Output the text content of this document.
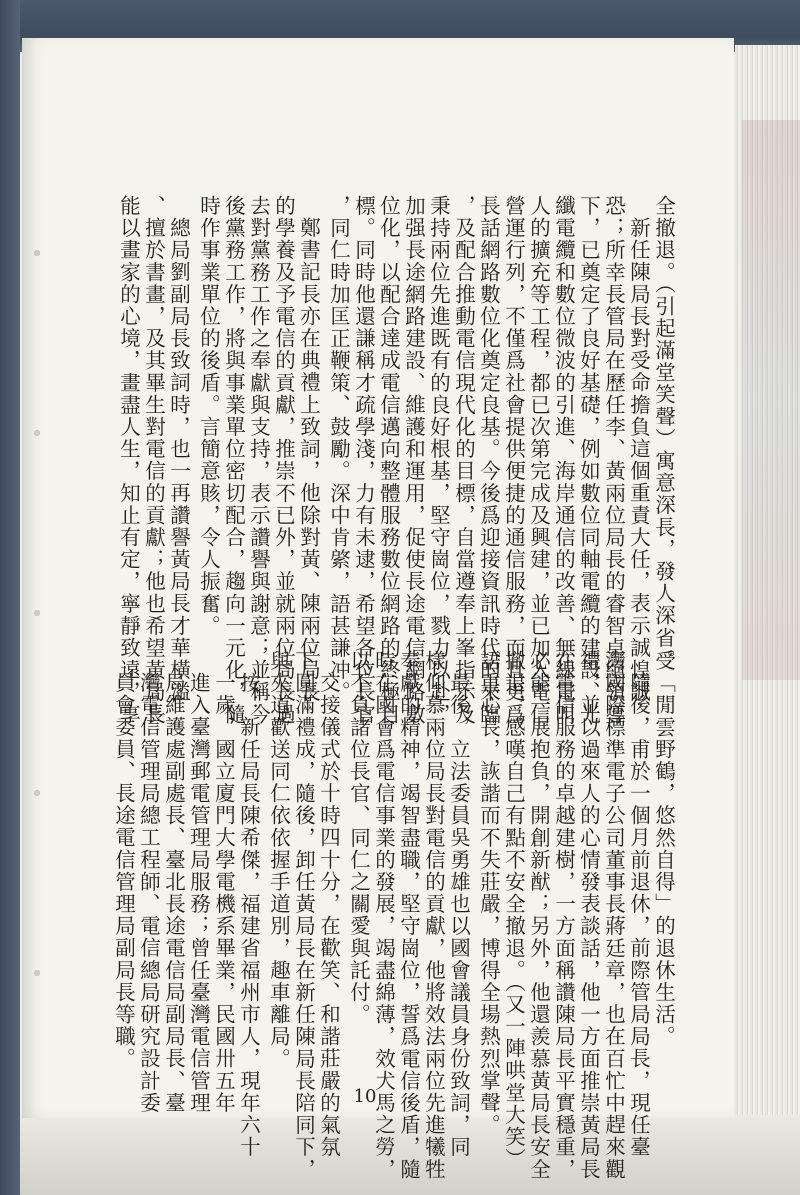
全撤退。（引起滿堂笑聲）寓意深長，發人深省。
新任陳局長對受命擔負這個重責大任，表示誠惶誠
恐；所幸長管局在歷任李、黃兩位局長的睿智卓絕領導
下，已奠定了良好基礎，例如數位同軸電纜的建設、光
纖電纜和數位微波的引進、海岸通信的改善、無線電叫
人的擴充等工程，都已次第完成及興建，並已加入電信
營運行列，不僅爲社會提供便捷的通信服務，而且更爲
長話網路數位化奠定良基。今後爲迎接資訊時代的來臨
，及配合推動電信現代化的目標，自當遵奉上峯指示及
秉持兩位先進既有的良好根基，堅守崗位，戮力以赴，
加强長途網路建設、維護和運用，促使長途電信網路數
位化，以配合達成電信邁向整體服務數位網路的終極目
標。同時他還謙稱才疏學淺，力有未逮，希望各位長官
，同仁時加匡正鞭策、鼓勵。深中肯綮，語甚謙冲。
鄭書記長亦在典禮上致詞，他除對黃、陳兩位局長
的學養及予電信的貢獻，推崇不已外，並就兩位局長過
去對黨務工作之奉獻與支持，表示讚譽與謝意；並稱今
後黨務工作，將與事業單位密切配合，趨向一元化，隨
時作事業單位的後盾。言簡意賅，令人振奮。
總局劉副局長致詞時，也一再讚譽黃局長才華橫溢
、擅於書畫，及其畢生對電信的貢獻；他也希望黃局長
能以畫家的心境，畫盡人生，知止有定，寧靜致遠，享
受「閒雲野鶴，悠然自得」的退休生活。
隨後，甫於一個月前退休，前際管局局長，現任臺
灣國際標準電子公司董事長蔣廷章，也在百忙中趕來觀
禮，並以過來人的心情發表談話，他一方面推崇黃局長
在電信服務的卓越建樹，一方面稱讚陳局長平實穩重，
必能一展抱負，開創新猷；另外，他還羨慕黃局長安全
撤退，感嘆自己有點不安全撤退。（又一陣哄堂大笑）
語重心長，詼諧而不失莊嚴，博得全場熱烈掌聲。
最後，立法委員吳勇雄也以國會議員身份致詞，同
樣仰慕兩位局長對電信的貢獻，他將效法兩位先進犧牲
奉獻的精神，竭智盡職，堅守崗位，誓爲電信後盾，隨
時在國會爲電信事業的發展，竭盡綿薄，效犬馬之勞，
以不負諸位長官、同仁之關愛與託付。
交接儀式於十時四十分，在歡笑、和諧莊嚴的氣氛
下圓滿禮成，隨後，卸任黃局長在新任陳局長陪同下，
與夾道歡送同仁依依握手道別，趣車離局。
按：新任局長陳希傑，福建省福州市人，現年六十
一歲，國立廈門大學電機系畢業，民國卅五年
進入臺灣郵電管理局服務；曾任臺灣電信管理
局維護處副處長、臺北長途電信局副局長、臺
灣電信管理局總工程師、電信總局研究設計委
員會委員、長途電信管理局副局長等職。
10
